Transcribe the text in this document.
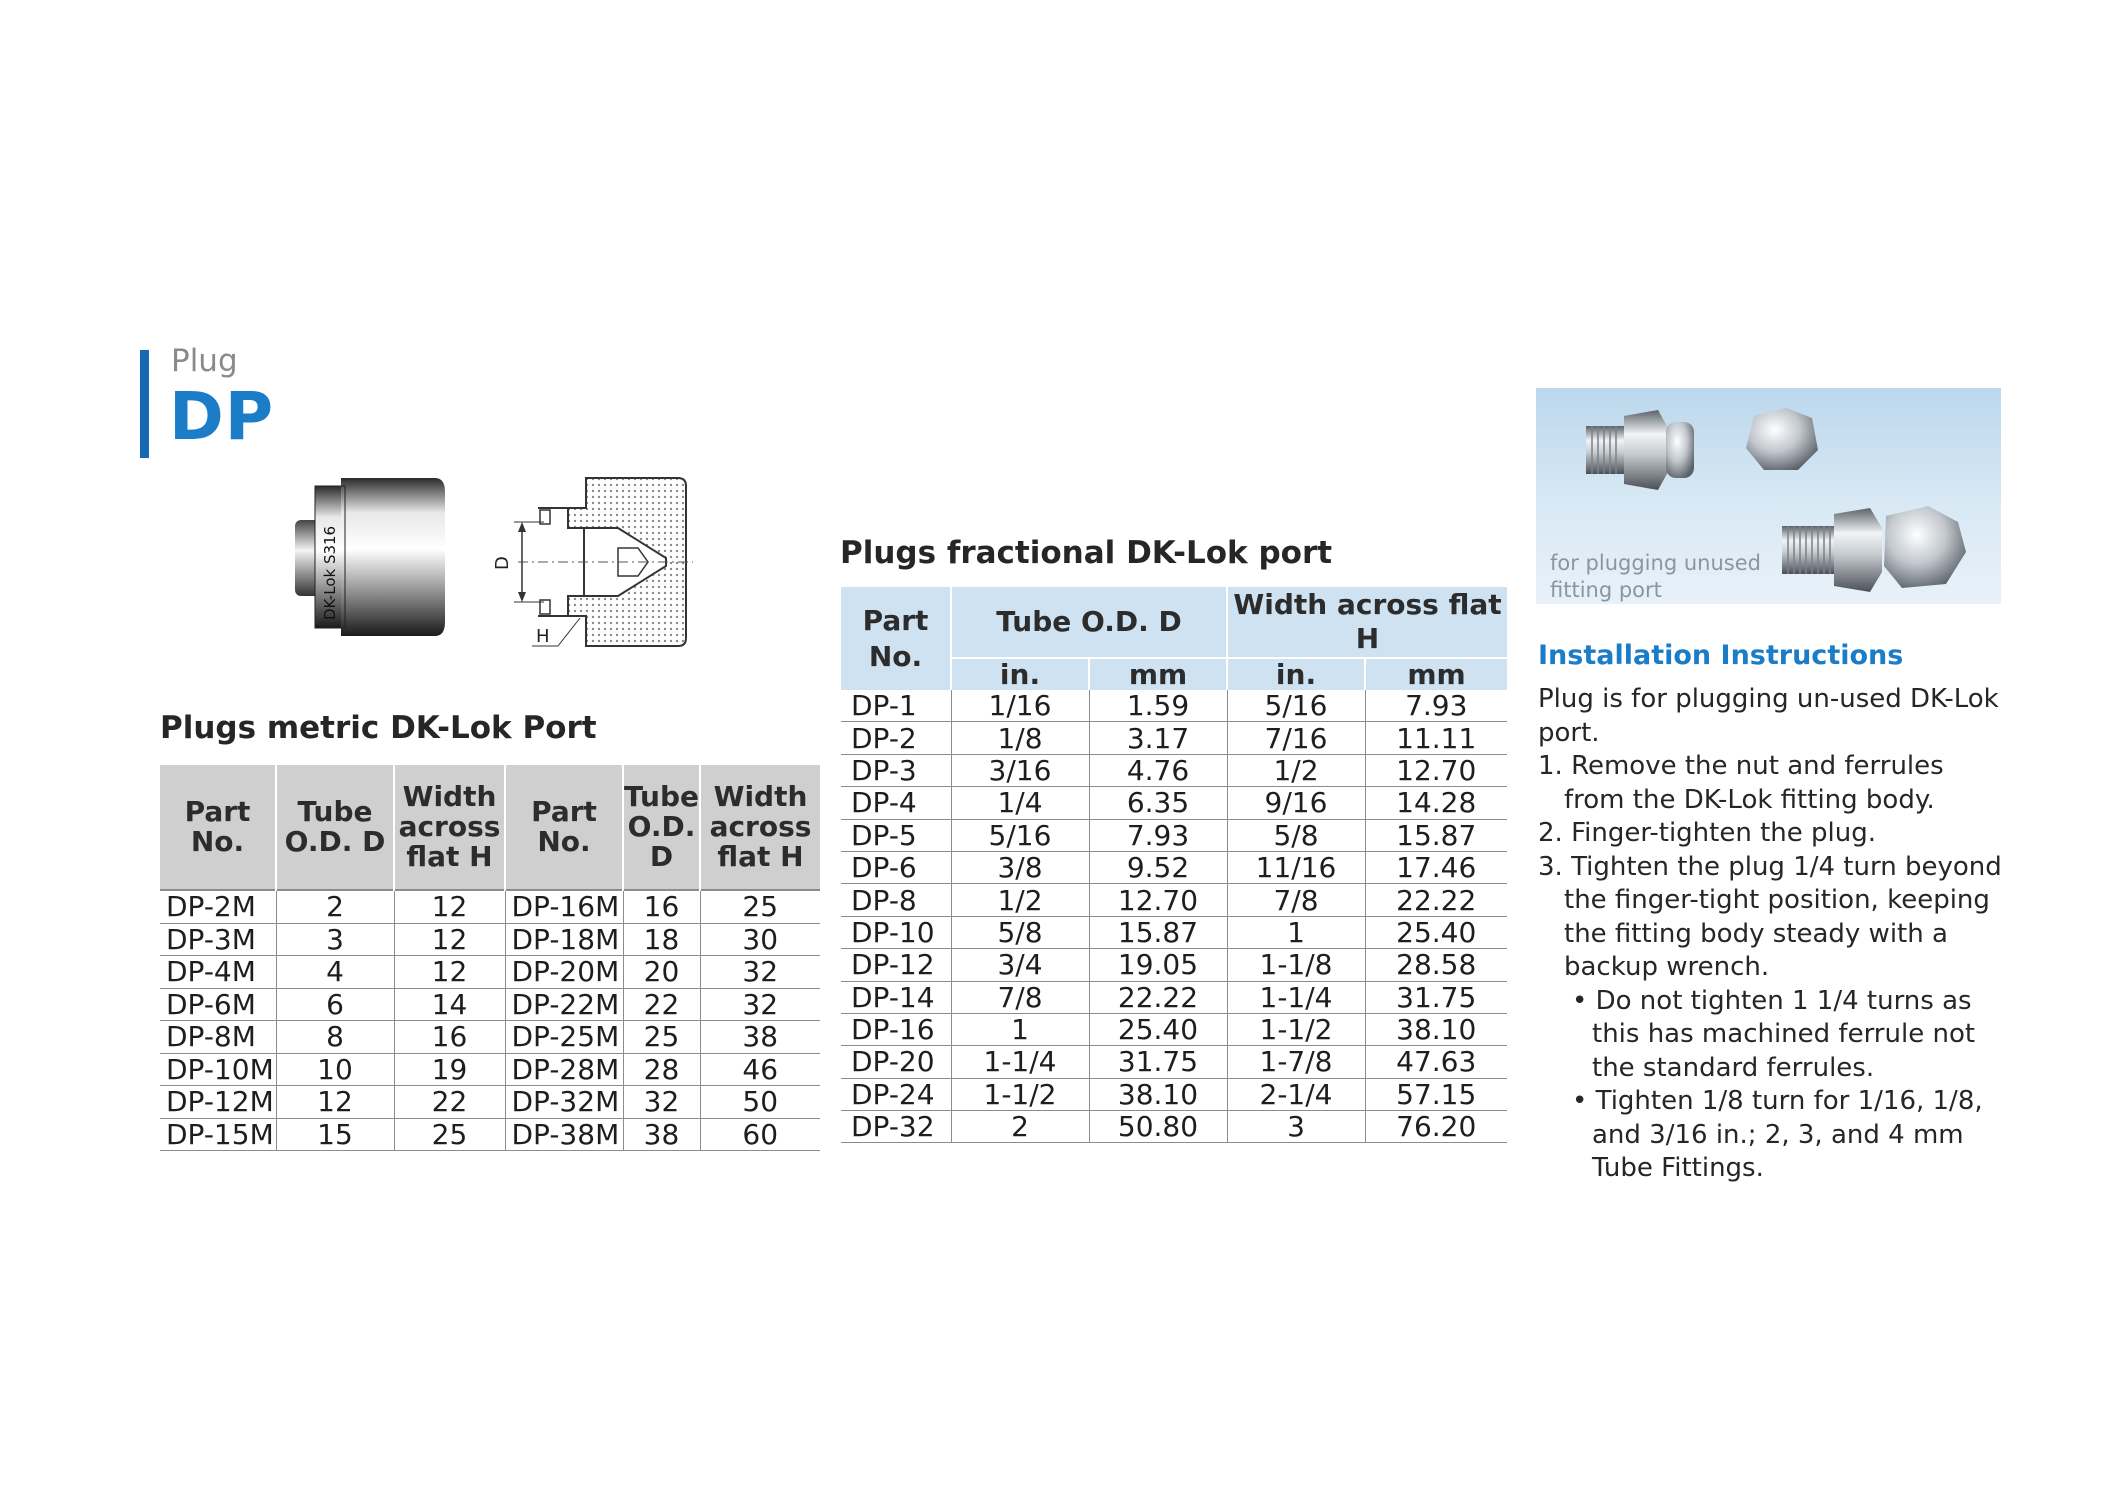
Plug
DP
DK-Lok S316	D
H
Plugs metric DK-Lok Port
Part No.	Tube O.D. D	Width across flat H	Part No.	Tube O.D. D	Width across flat H
DP-2M	2	12	DP-16M	16	25
DP-3M	3	12	DP-18M	18	30
DP-4M	4	12	DP-20M	20	32
DP-6M	6	14	DP-22M	22	32
DP-8M	8	16	DP-25M	25	38
DP-10M	10	19	DP-28M	28	46
DP-12M	12	22	DP-32M	32	50
DP-15M	15	25	DP-38M	38	60
Plugs fractional DK-Lok port
Part No.	Tube O.D. D		Width across flat H	
	in.	mm	in.	mm
DP-1	1/16	1.59	5/16	7.93
DP-2	1/8	3.17	7/16	11.11
DP-3	3/16	4.76	1/2	12.70
DP-4	1/4	6.35	9/16	14.28
DP-5	5/16	7.93	5/8	15.87
DP-6	3/8	9.52	11/16	17.46
DP-8	1/2	12.70	7/8	22.22
DP-10	5/8	15.87	1	25.40
DP-12	3/4	19.05	1-1/8	28.58
DP-14	7/8	22.22	1-1/4	31.75
DP-16	1	25.40	1-1/2	38.10
DP-20	1-1/4	31.75	1-7/8	47.63
DP-24	1-1/2	38.10	2-1/4	57.15
DP-32	2	50.80	3	76.20
for plugging unused
fitting port
Installation Instructions
Plug is for plugging un-used DK-Lok port.
1. Remove the nut and ferrules from the DK-Lok fitting body.
2. Finger-tighten the plug.
3. Tighten the plug 1/4 turn beyond the finger-tight position, keeping the fitting body steady with a backup wrench.
• Do not tighten 1 1/4 turns as this has machined ferrule not the standard ferrules.
• Tighten 1/8 turn for 1/16, 1/8, and 3/16 in.; 2, 3, and 4 mm Tube Fittings.
